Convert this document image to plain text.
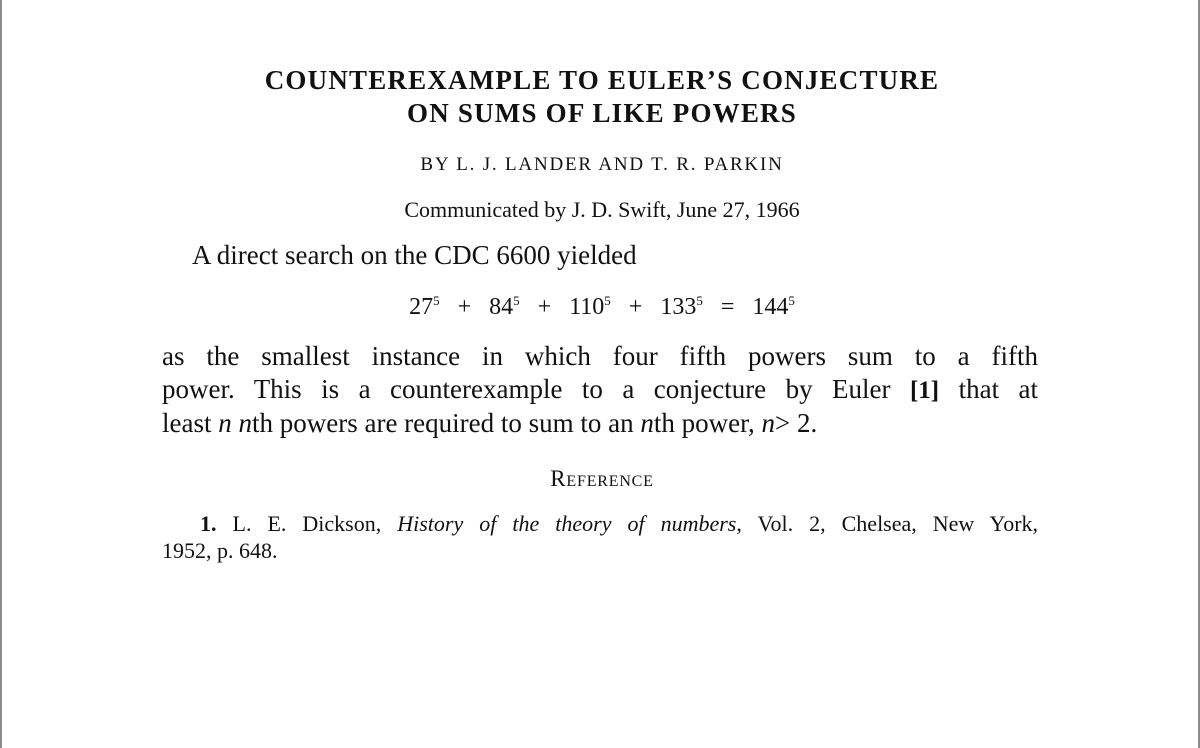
COUNTEREXAMPLE TO EULER’S CONJECTURE
ON SUMS OF LIKE POWERS
BY L. J. LANDER AND T. R. PARKIN
Communicated by J. D. Swift, June 27, 1966
A direct search on the CDC 6600 yielded
$27^5 + 84^5 + 110^5 + 133^5 = 144^5$
as the smallest instance in which four fifth powers sum to a fifth
power. This is a counterexample to a conjecture by Euler [1] that at
least n nth powers are required to sum to an nth power, n> 2.
Reference
1. L. E. Dickson, History of the theory of numbers, Vol. 2, Chelsea, New York,
1952, p. 648.
